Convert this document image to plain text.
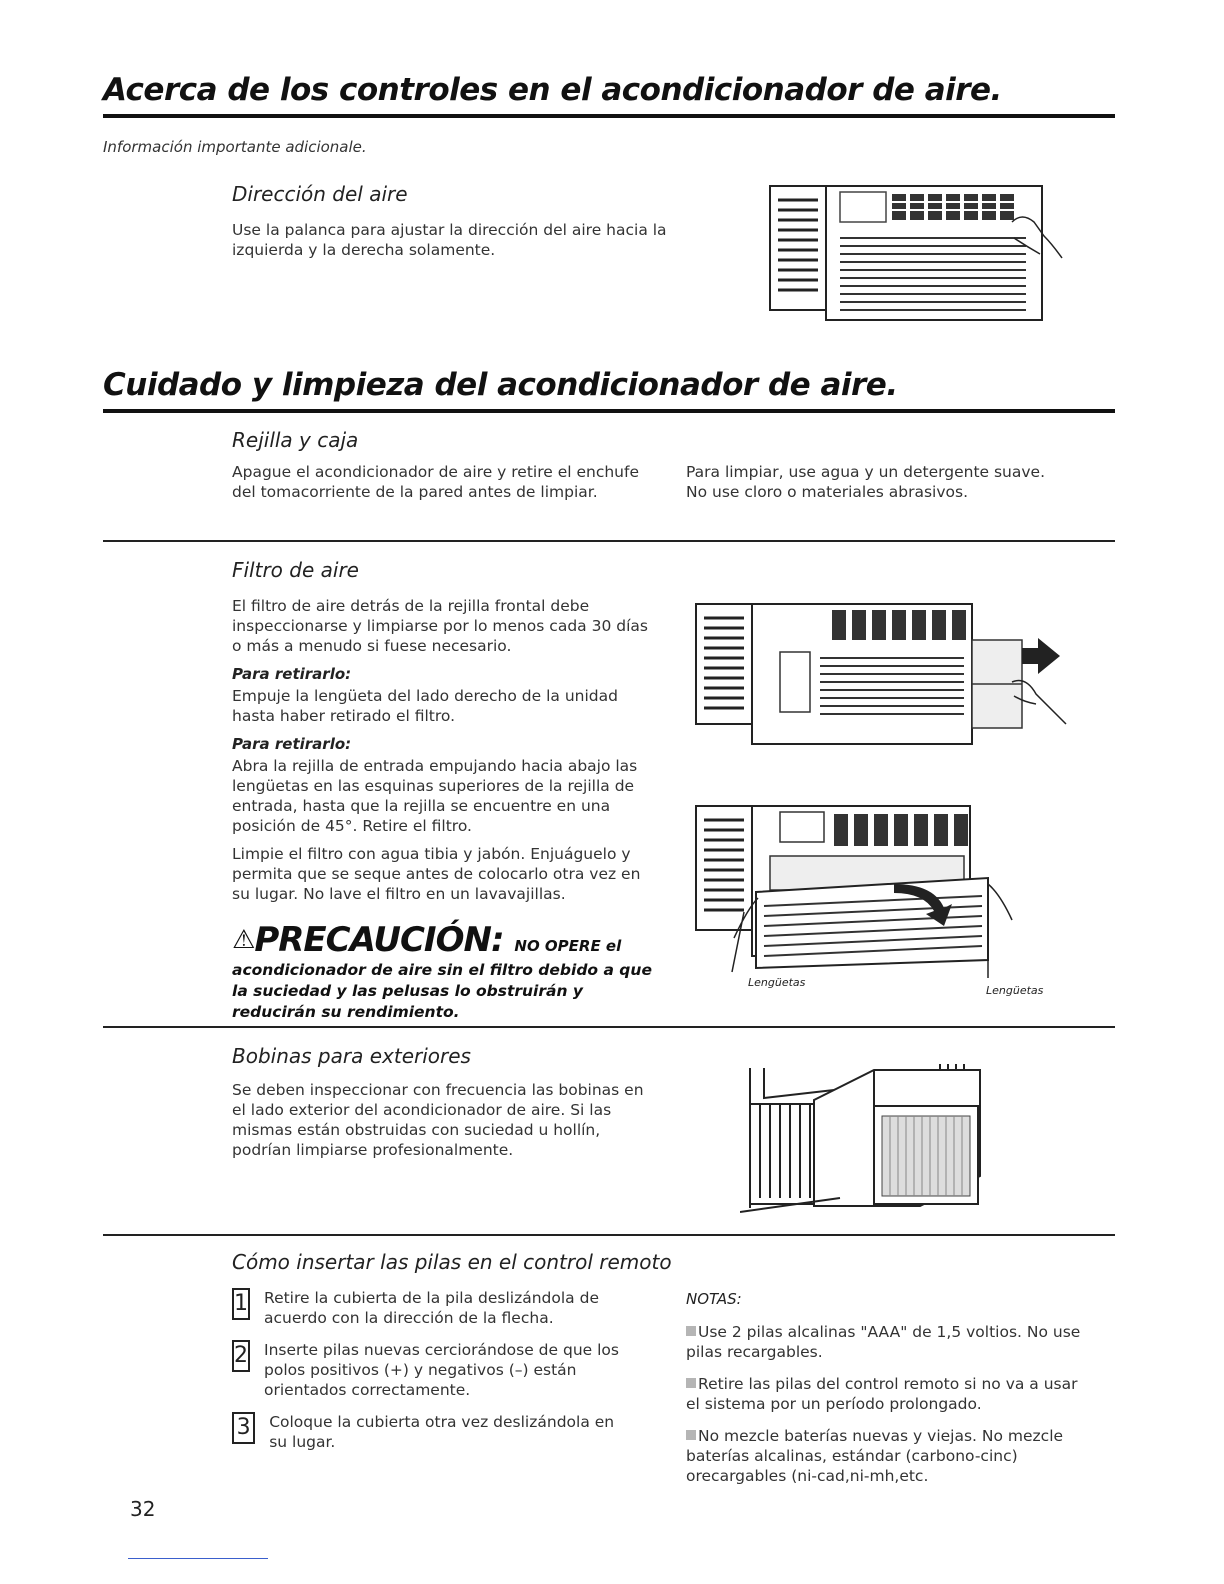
Acerca de los controles en el acondicionador de aire.
Información importante adicionale.
Dirección del aire
Use la palanca para ajustar la dirección del aire hacia la izquierda y la derecha solamente.
Cuidado y limpieza del acondicionador de aire.
Rejilla y caja
Apague el acondicionador de aire y retire el enchufe del tomacorriente de la pared antes de limpiar.
Para limpiar, use agua y un detergente suave. No use cloro o materiales abrasivos.
Filtro de aire

El filtro de aire detrás de la rejilla frontal debe inspeccionarse y limpiarse por lo menos cada 30 días o más a menudo si fuese necesario.

Para retirarlo:

Empuje la lengüeta del lado derecho de la unidad hasta haber retirado el filtro.

Para retirarlo:

Abra la rejilla de entrada empujando hacia abajo las lengüetas en las esquinas superiores de la rejilla de entrada, hasta que la rejilla se encuentre en una posición de 45°. Retire el filtro.

Limpie el filtro con agua tibia y jabón. Enjuáguelo y permita que se seque antes de colocarlo otra vez en su lugar. No lave el filtro en un lavavajillas.

⚠PRECAUCIÓN: NO OPERE el
acondicionador de aire sin el filtro debido a que la suciedad y las pelusas lo obstruirán y reducirán su rendimiento.
Lengüetas
Lengüetas
Bobinas para exteriores
Se deben inspeccionar con frecuencia las bobinas en el lado exterior del acondicionador de aire. Si las mismas están obstruidas con suciedad u hollín, podrían limpiarse profesionalmente.
Cómo insertar las pilas en el control remoto
1 Retire la cubierta de la pila deslizándola de acuerdo con la dirección de la flecha.
2 Inserte pilas nuevas cerciorándose de que los polos positivos (+) y negativos (–) están orientados correctamente.
3 Coloque la cubierta otra vez deslizándola en su lugar.
NOTAS:
Use 2 pilas alcalinas "AAA" de 1,5 voltios. No use pilas recargables.
Retire las pilas del control remoto si no va a usar el sistema por un período prolongado.
No mezcle baterías nuevas y viejas. No mezcle baterías alcalinas, estándar (carbono-cinc) orecargables (ni-cad,ni-mh,etc.
32
